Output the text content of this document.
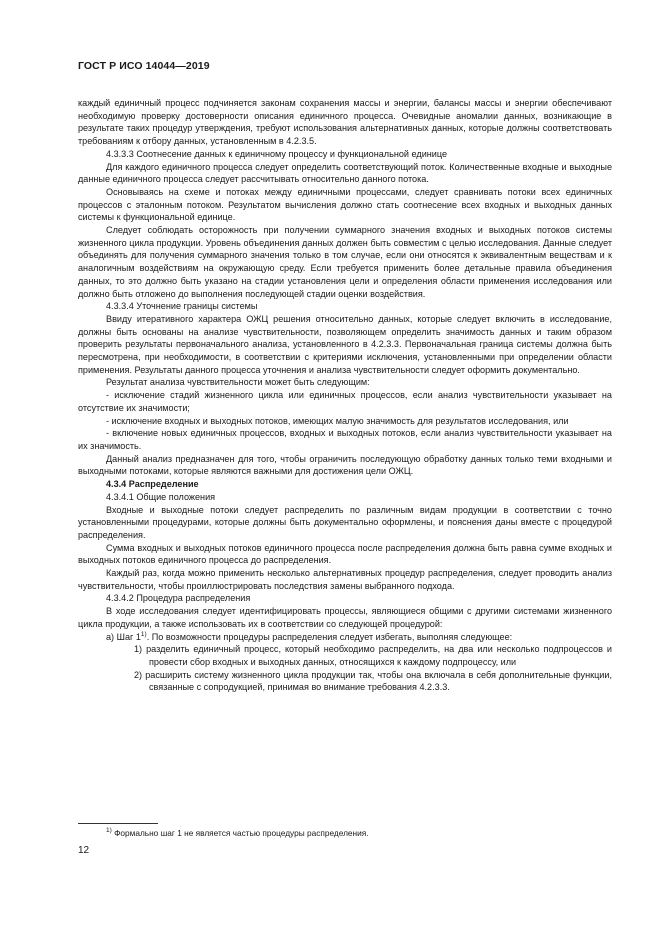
ГОСТ Р ИСО 14044—2019

каждый единичный процесс подчиняется законам сохранения массы и энергии, балансы массы и энергии обеспечивают необходимую проверку достоверности описания единичного процесса. Очевидные аномалии данных, возникающие в результате таких процедур утверждения, требуют использования альтернативных данных, которые должны соответствовать требованиям к отбору данных, установленным в 4.2.3.5.

4.3.3.3 Соотнесение данных к единичному процессу и функциональной единице

Для каждого единичного процесса следует определить соответствующий поток. Количественные входные и выходные данные единичного процесса следует рассчитывать относительно данного потока.

Основываясь на схеме и потоках между единичными процессами, следует сравнивать потоки всех единичных процессов с эталонным потоком. Результатом вычисления должно стать соотнесение всех входных и выходных данных системы к функциональной единице.

Следует соблюдать осторожность при получении суммарного значения входных и выходных потоков системы жизненного цикла продукции. Уровень объединения данных должен быть совместим с целью исследования. Данные следует объединять для получения суммарного значения только в том случае, если они относятся к эквивалентным веществам и к аналогичным воздействиям на окружающую среду. Если требуется применить более детальные правила объединения данных, то это должно быть указано на стадии установления цели и определения области применения исследования или должно быть отложено до выполнения последующей стадии оценки воздействия.

4.3.3.4 Уточнение границы системы

Ввиду итеративного характера ОЖЦ решения относительно данных, которые следует включить в исследование, должны быть основаны на анализе чувствительности, позволяющем определить значимость данных и таким образом проверить результаты первоначального анализа, установленного в 4.2.3.3. Первоначальная граница системы должна быть пересмотрена, при необходимости, в соответствии с критериями исключения, установленными при определении области применения. Результаты данного процесса уточнения и анализа чувствительности следует оформить документально.

Результат анализа чувствительности может быть следующим:

- исключение стадий жизненного цикла или единичных процессов, если анализ чувствительности указывает на отсутствие их значимости;

- исключение входных и выходных потоков, имеющих малую значимость для результатов исследования, или

- включение новых единичных процессов, входных и выходных потоков, если анализ чувствительности указывает на их значимость.

Данный анализ предназначен для того, чтобы ограничить последующую обработку данных только теми входными и выходными потоками, которые являются важными для достижения цели ОЖЦ.

4.3.4 Распределение

4.3.4.1 Общие положения

Входные и выходные потоки следует распределить по различным видам продукции в соответствии с точно установленными процедурами, которые должны быть документально оформлены, и пояснения даны вместе с процедурой распределения.

Сумма входных и выходных потоков единичного процесса после распределения должна быть равна сумме входных и выходных потоков единичного процесса до распределения.

Каждый раз, когда можно применить несколько альтернативных процедур распределения, следует проводить анализ чувствительности, чтобы проиллюстрировать последствия замены выбранного подхода.

4.3.4.2 Процедура распределения

В ходе исследования следует идентифицировать процессы, являющиеся общими с другими системами жизненного цикла продукции, а также использовать их в соответствии со следующей процедурой:

а) Шаг 1$^{1)}$. По возможности процедуры распределения следует избегать, выполняя следующее:

1) разделить единичный процесс, который необходимо распределить, на два или несколько подпроцессов и провести сбор входных и выходных данных, относящихся к каждому подпроцессу, или

2) расширить систему жизненного цикла продукции так, чтобы она включала в себя дополнительные функции, связанные с сопродукцией, принимая во внимание требования 4.2.3.3.

$^{1)}$ Формально шаг 1 не является частью процедуры распределения.
12
